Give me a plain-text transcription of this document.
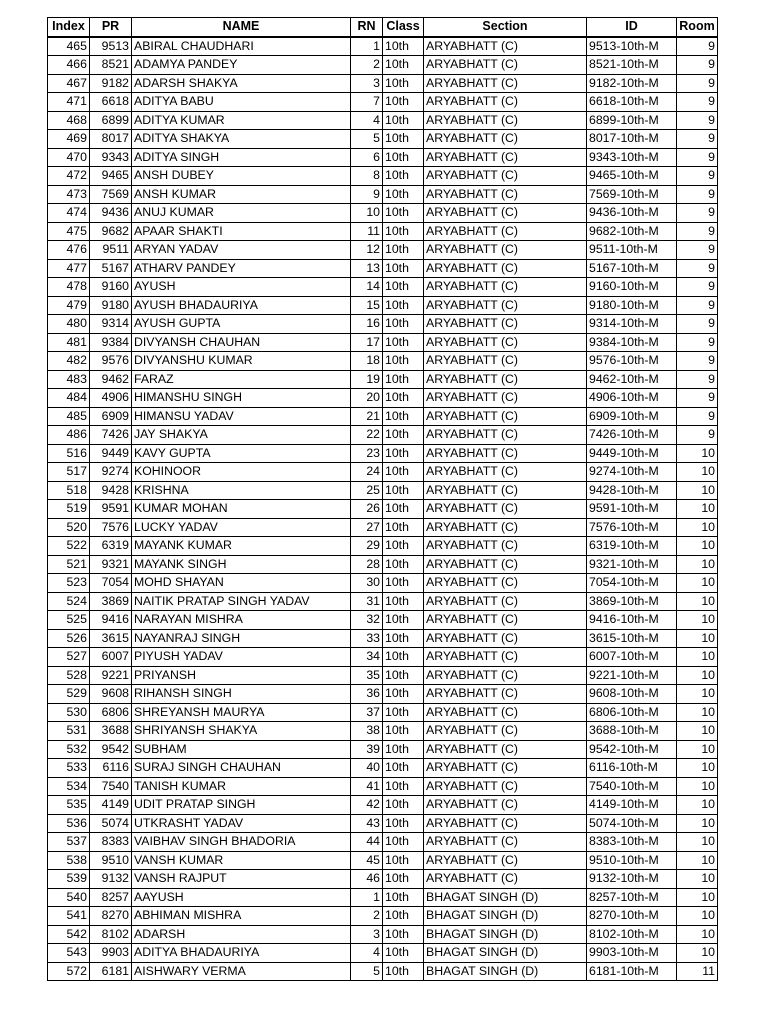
Index	PR	NAME	RN	Class	Section	ID	Room
465	9513	ABIRAL CHAUDHARI	1	10th	ARYABHATT (C)	9513-10th-M	9
466	8521	ADAMYA PANDEY	2	10th	ARYABHATT (C)	8521-10th-M	9
467	9182	ADARSH SHAKYA	3	10th	ARYABHATT (C)	9182-10th-M	9
471	6618	ADITYA BABU	7	10th	ARYABHATT (C)	6618-10th-M	9
468	6899	ADITYA KUMAR	4	10th	ARYABHATT (C)	6899-10th-M	9
469	8017	ADITYA SHAKYA	5	10th	ARYABHATT (C)	8017-10th-M	9
470	9343	ADITYA SINGH	6	10th	ARYABHATT (C)	9343-10th-M	9
472	9465	ANSH DUBEY	8	10th	ARYABHATT (C)	9465-10th-M	9
473	7569	ANSH KUMAR	9	10th	ARYABHATT (C)	7569-10th-M	9
474	9436	ANUJ KUMAR	10	10th	ARYABHATT (C)	9436-10th-M	9
475	9682	APAAR SHAKTI	11	10th	ARYABHATT (C)	9682-10th-M	9
476	9511	ARYAN YADAV	12	10th	ARYABHATT (C)	9511-10th-M	9
477	5167	ATHARV PANDEY	13	10th	ARYABHATT (C)	5167-10th-M	9
478	9160	AYUSH	14	10th	ARYABHATT (C)	9160-10th-M	9
479	9180	AYUSH BHADAURIYA	15	10th	ARYABHATT (C)	9180-10th-M	9
480	9314	AYUSH GUPTA	16	10th	ARYABHATT (C)	9314-10th-M	9
481	9384	DIVYANSH CHAUHAN	17	10th	ARYABHATT (C)	9384-10th-M	9
482	9576	DIVYANSHU KUMAR	18	10th	ARYABHATT (C)	9576-10th-M	9
483	9462	FARAZ	19	10th	ARYABHATT (C)	9462-10th-M	9
484	4906	HIMANSHU SINGH	20	10th	ARYABHATT (C)	4906-10th-M	9
485	6909	HIMANSU YADAV	21	10th	ARYABHATT (C)	6909-10th-M	9
486	7426	JAY SHAKYA	22	10th	ARYABHATT (C)	7426-10th-M	9
516	9449	KAVY GUPTA	23	10th	ARYABHATT (C)	9449-10th-M	10
517	9274	KOHINOOR	24	10th	ARYABHATT (C)	9274-10th-M	10
518	9428	KRISHNA	25	10th	ARYABHATT (C)	9428-10th-M	10
519	9591	KUMAR MOHAN	26	10th	ARYABHATT (C)	9591-10th-M	10
520	7576	LUCKY YADAV	27	10th	ARYABHATT (C)	7576-10th-M	10
522	6319	MAYANK KUMAR	29	10th	ARYABHATT (C)	6319-10th-M	10
521	9321	MAYANK SINGH	28	10th	ARYABHATT (C)	9321-10th-M	10
523	7054	MOHD SHAYAN	30	10th	ARYABHATT (C)	7054-10th-M	10
524	3869	NAITIK PRATAP SINGH YADAV	31	10th	ARYABHATT (C)	3869-10th-M	10
525	9416	NARAYAN MISHRA	32	10th	ARYABHATT (C)	9416-10th-M	10
526	3615	NAYANRAJ SINGH	33	10th	ARYABHATT (C)	3615-10th-M	10
527	6007	PIYUSH YADAV	34	10th	ARYABHATT (C)	6007-10th-M	10
528	9221	PRIYANSH	35	10th	ARYABHATT (C)	9221-10th-M	10
529	9608	RIHANSH SINGH	36	10th	ARYABHATT (C)	9608-10th-M	10
530	6806	SHREYANSH MAURYA	37	10th	ARYABHATT (C)	6806-10th-M	10
531	3688	SHRIYANSH SHAKYA	38	10th	ARYABHATT (C)	3688-10th-M	10
532	9542	SUBHAM	39	10th	ARYABHATT (C)	9542-10th-M	10
533	6116	SURAJ SINGH CHAUHAN	40	10th	ARYABHATT (C)	6116-10th-M	10
534	7540	TANISH KUMAR	41	10th	ARYABHATT (C)	7540-10th-M	10
535	4149	UDIT PRATAP SINGH	42	10th	ARYABHATT (C)	4149-10th-M	10
536	5074	UTKRASHT YADAV	43	10th	ARYABHATT (C)	5074-10th-M	10
537	8383	VAIBHAV SINGH BHADORIA	44	10th	ARYABHATT (C)	8383-10th-M	10
538	9510	VANSH KUMAR	45	10th	ARYABHATT (C)	9510-10th-M	10
539	9132	VANSH RAJPUT	46	10th	ARYABHATT (C)	9132-10th-M	10
540	8257	AAYUSH	1	10th	BHAGAT SINGH (D)	8257-10th-M	10
541	8270	ABHIMAN MISHRA	2	10th	BHAGAT SINGH (D)	8270-10th-M	10
542	8102	ADARSH	3	10th	BHAGAT SINGH (D)	8102-10th-M	10
543	9903	ADITYA BHADAURIYA	4	10th	BHAGAT SINGH (D)	9903-10th-M	10
572	6181	AISHWARY VERMA	5	10th	BHAGAT SINGH (D)	6181-10th-M	11
